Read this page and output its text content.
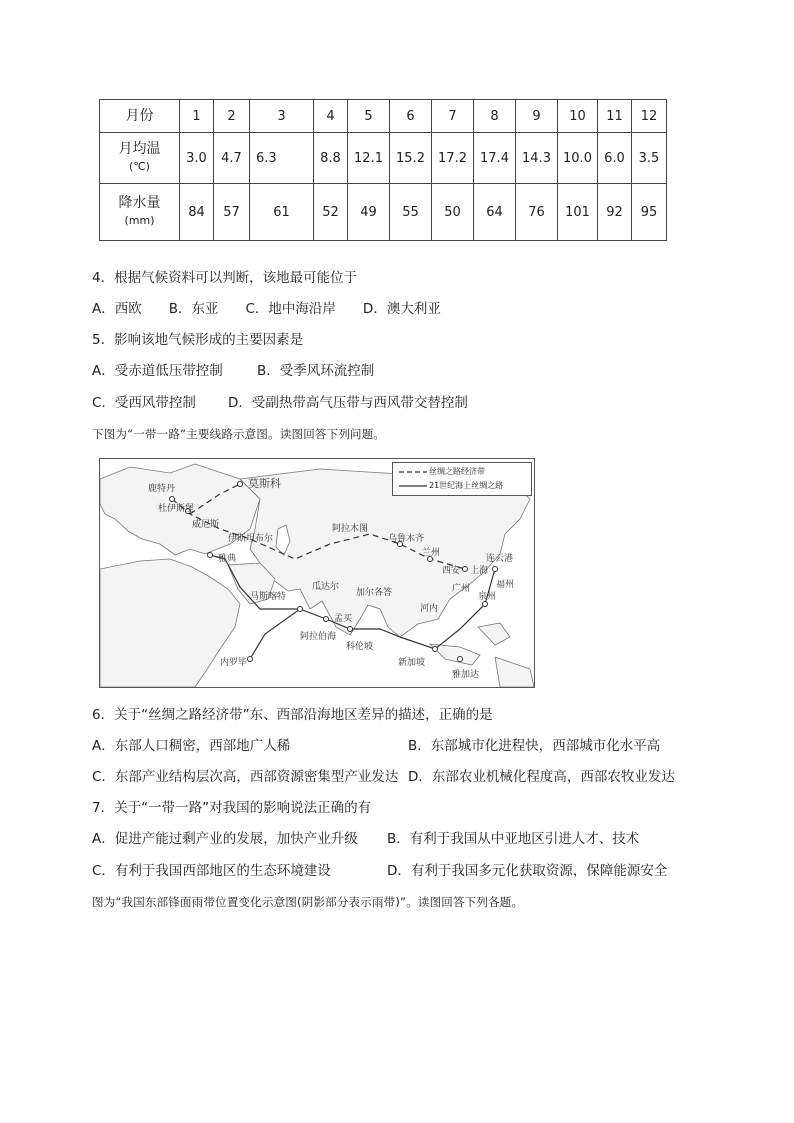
月份	1	2	3	4	5	6	7	8	9	10	11	12

月均温
(℃)	3.0	4.7	6.3	8.8	12.1	15.2	17.2	17.4	14.3	10.0	6.0	3.5

降水量
(mm)	84	57	61	52	49	55	50	64	76	101	92	95
4．根据气候资料可以判断，该地最可能位于
A．西欧　　B．东亚　　C．地中海沿岸　　D．澳大利亚
5．影响该地气候形成的主要因素是
A．受赤道低压带控制	B．受季风环流控制
C．受西风带控制 D．受副热带高气压带与西风带交替控制
下图为“一带一路”主要线路示意图。读图回答下列问题。
丝绸之路经济带
21世纪海上丝绸之路
鹿特丹
杜伊斯堡
威尼斯
雅典
伊斯坦布尔
莫斯科
阿拉木图
乌鲁木齐
兰州
西安 上海
连云港
广州
泉州
福州
河内
加尔各答
瓜达尔
马斯喀特
孟买
阿拉伯海
科伦坡
内罗毕	新加坡
雅加达
6．关于“丝绸之路经济带”东、西部沿海地区差异的描述，正确的是
A．东部人口稠密，西部地广人稀	B．东部城市化进程快，西部城市化水平高
C．东部产业结构层次高，西部资源密集型产业发达 D．东部农业机械化程度高，西部农牧业发达
7．关于“一带一路”对我国的影响说法正确的有
A．促进产能过剩产业的发展，加快产业升级 B．有利于我国从中亚地区引进人才、技术
C．有利于我国西部地区的生态环境建设	D．有利于我国多元化获取资源，保障能源安全
图为“我国东部锋面雨带位置变化示意图(阴影部分表示雨带)”。读图回答下列各题。
